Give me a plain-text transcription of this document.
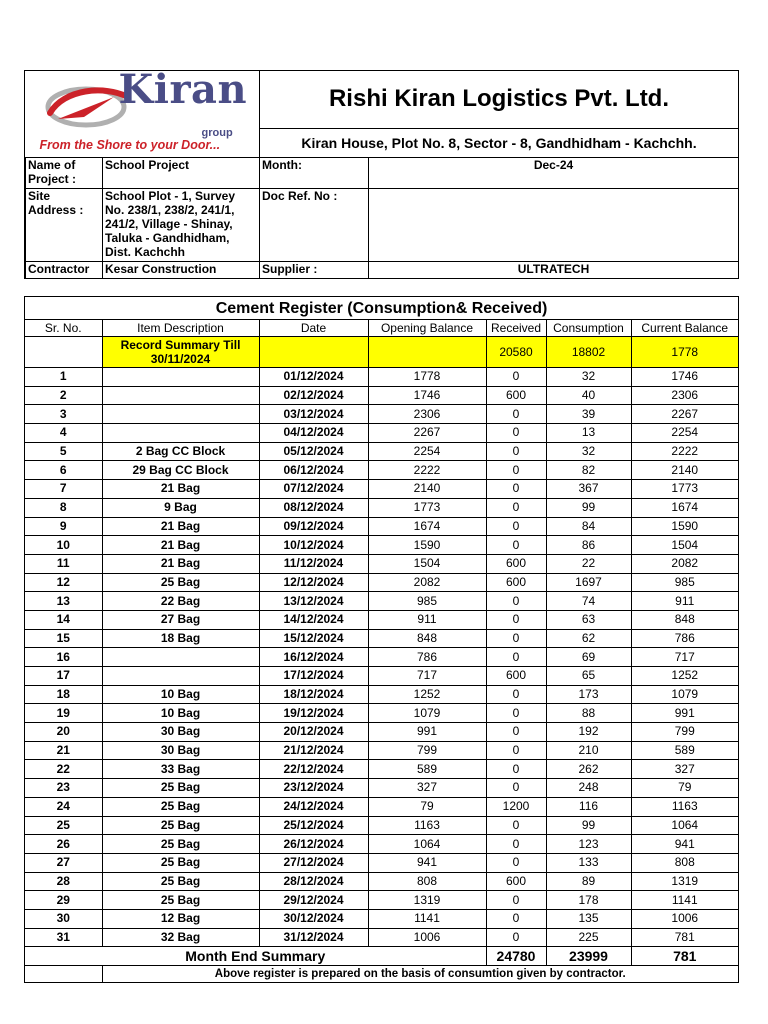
Kiran
group
From the Shore to your Door...		Rishi Kiran Logistics Pvt. Ltd.	
		Kiran House, Plot No. 8, Sector - 8, Gandhidham - Kachchh.	
Name of Project :	School Project	Month:	Dec-24
Site Address :	School Plot - 1, Survey No. 238/1, 238/2, 241/1, 241/2, Village - Shinay, Taluka - Gandhidham, Dist. Kachchh	Doc Ref. No :	
Contractor	Kesar Construction	Supplier :	ULTRATECH
Cement Register (Consumption& Received)						
Sr. No.	Item Description	Date	Opening Balance	Received	Consumption	Current Balance
	Record Summary Till 30/11/2024			20580	18802	1778
1		01/12/2024	1778	0	32	1746
2		02/12/2024	1746	600	40	2306
3		03/12/2024	2306	0	39	2267
4		04/12/2024	2267	0	13	2254
5	2 Bag CC Block	05/12/2024	2254	0	32	2222
6	29 Bag CC Block	06/12/2024	2222	0	82	2140
7	21 Bag	07/12/2024	2140	0	367	1773
8	9 Bag	08/12/2024	1773	0	99	1674
9	21 Bag	09/12/2024	1674	0	84	1590
10	21 Bag	10/12/2024	1590	0	86	1504
11	21 Bag	11/12/2024	1504	600	22	2082
12	25 Bag	12/12/2024	2082	600	1697	985
13	22 Bag	13/12/2024	985	0	74	911
14	27 Bag	14/12/2024	911	0	63	848
15	18 Bag	15/12/2024	848	0	62	786
16		16/12/2024	786	0	69	717
17		17/12/2024	717	600	65	1252
18	10 Bag	18/12/2024	1252	0	173	1079
19	10 Bag	19/12/2024	1079	0	88	991
20	30 Bag	20/12/2024	991	0	192	799
21	30 Bag	21/12/2024	799	0	210	589
22	33 Bag	22/12/2024	589	0	262	327
23	25 Bag	23/12/2024	327	0	248	79
24	25 Bag	24/12/2024	79	1200	116	1163
25	25 Bag	25/12/2024	1163	0	99	1064
26	25 Bag	26/12/2024	1064	0	123	941
27	25 Bag	27/12/2024	941	0	133	808
28	25 Bag	28/12/2024	808	600	89	1319
29	25 Bag	29/12/2024	1319	0	178	1141
30	12 Bag	30/12/2024	1141	0	135	1006
31	32 Bag	31/12/2024	1006	0	225	781
Month End Summary				24780	23999	781
	Above register is prepared on the basis of consumtion given by contractor.					
